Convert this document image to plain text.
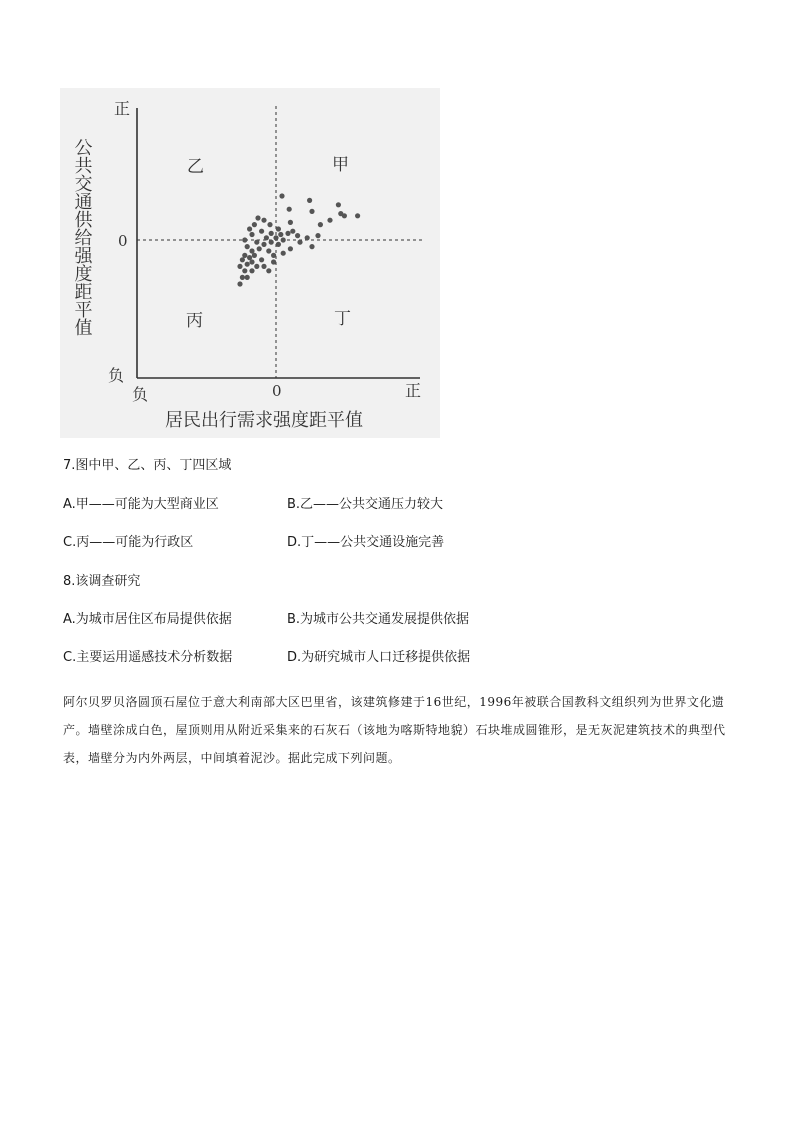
正
0
负
负	0	正
居民出行需求强度距平值
公共交通供给强度距平值	甲
乙
丙	丁
7.图中甲、乙、丙、丁四区域
A.甲——可能为大型商业区	B.乙——公共交通压力较大
C.丙——可能为行政区	D.丁——公共交通设施完善
8.该调查研究
A.为城市居住区布局提供依据	B.为城市公共交通发展提供依据
C.主要运用遥感技术分析数据	D.为研究城市人口迁移提供依据
阿尔贝罗贝洛圆顶石屋位于意大利南部大区巴里省，该建筑修建于16世纪，1996年被联合国教科文组织列为世界文化遗产。墙壁涂成白色，屋顶则用从附近采集来的石灰石（该地为喀斯特地貌）石块堆成圆锥形，是无灰泥建筑技术的典型代表，墙壁分为内外两层，中间填着泥沙。据此完成下列问题。
